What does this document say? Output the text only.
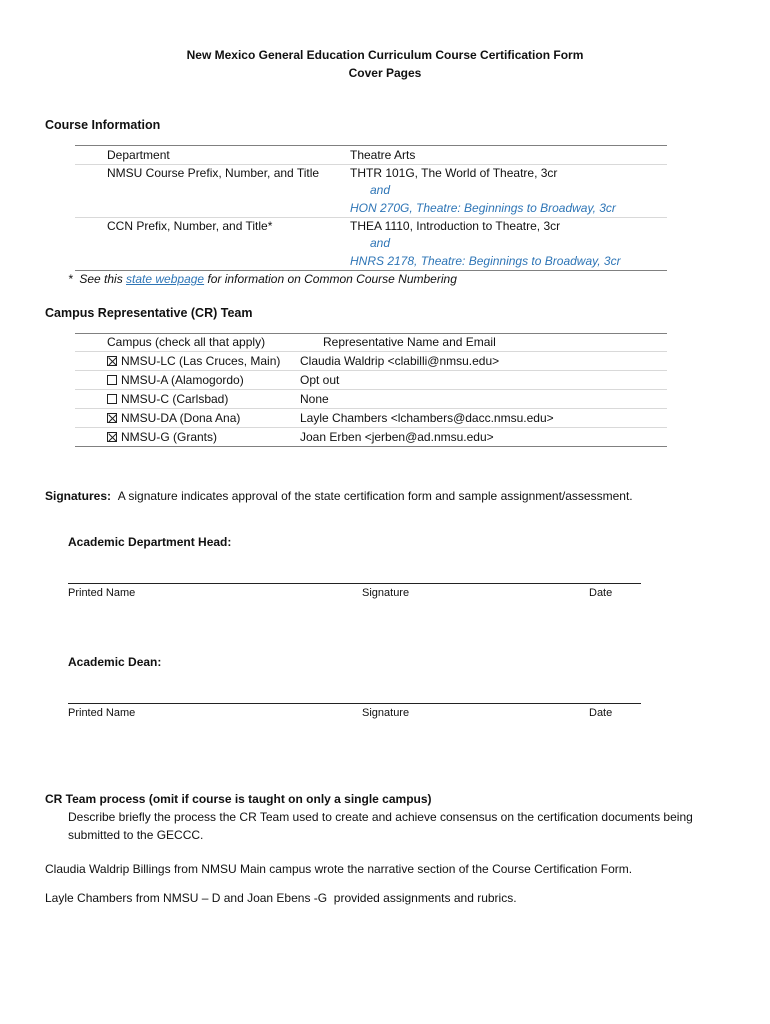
New Mexico General Education Curriculum Course Certification Form
Cover Pages
Course Information
Department	Theatre Arts
NMSU Course Prefix, Number, and Title	THTR 101G, The World of Theatre, 3cr
and
HON 270G, Theatre: Beginnings to Broadway, 3cr
CCN Prefix, Number, and Title*	THEA 1110, Introduction to Theatre, 3cr
and
HNRS 2178, Theatre: Beginnings to Broadway, 3cr
*  See this state webpage for information on Common Course Numbering
Campus Representative (CR) Team
Campus (check all that apply)	Representative Name and Email
NMSU-LC (Las Cruces, Main) Claudia Waldrip <clabilli@nmsu.edu>
NMSU-A (Alamogordo)	Opt out
NMSU-C (Carlsbad)	None
NMSU-DA (Dona Ana)	Layle Chambers <lchambers@dacc.nmsu.edu>
NMSU-G (Grants)	Joan Erben <jerben@ad.nmsu.edu>
Signatures: A signature indicates approval of the state certification form and sample assignment/assessment.
Academic Department Head:
Printed Name	Signature	Date
Academic Dean:
Printed Name	Signature	Date
CR Team process (omit if course is taught on only a single campus)
Describe briefly the process the CR Team used to create and achieve consensus on the certification documents being
submitted to the GECCC.
Claudia Waldrip Billings from NMSU Main campus wrote the narrative section of the Course Certification Form.
Layle Chambers from NMSU – D and Joan Ebens -G  provided assignments and rubrics.
